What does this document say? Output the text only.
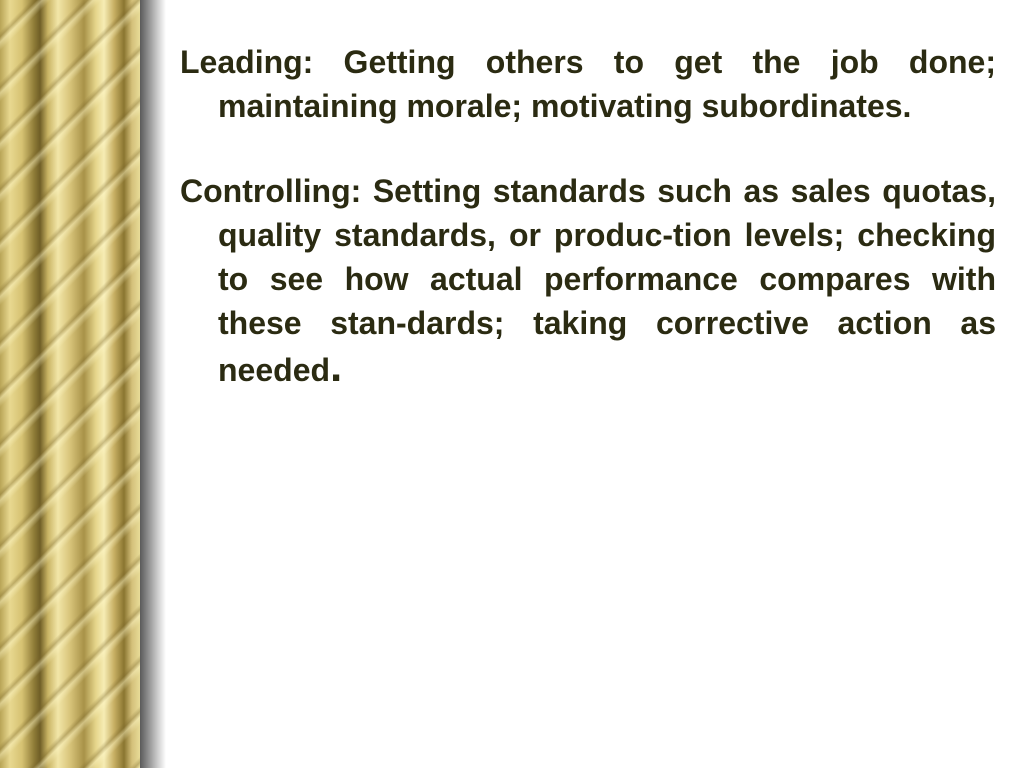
Leading: Getting others to get the job done; maintaining morale; motivating subordinates.

Controlling: Setting standards such as sales quotas, quality standards, or produc-tion levels; checking to see how actual performance compares with these stan-dards; taking corrective action as needed.
